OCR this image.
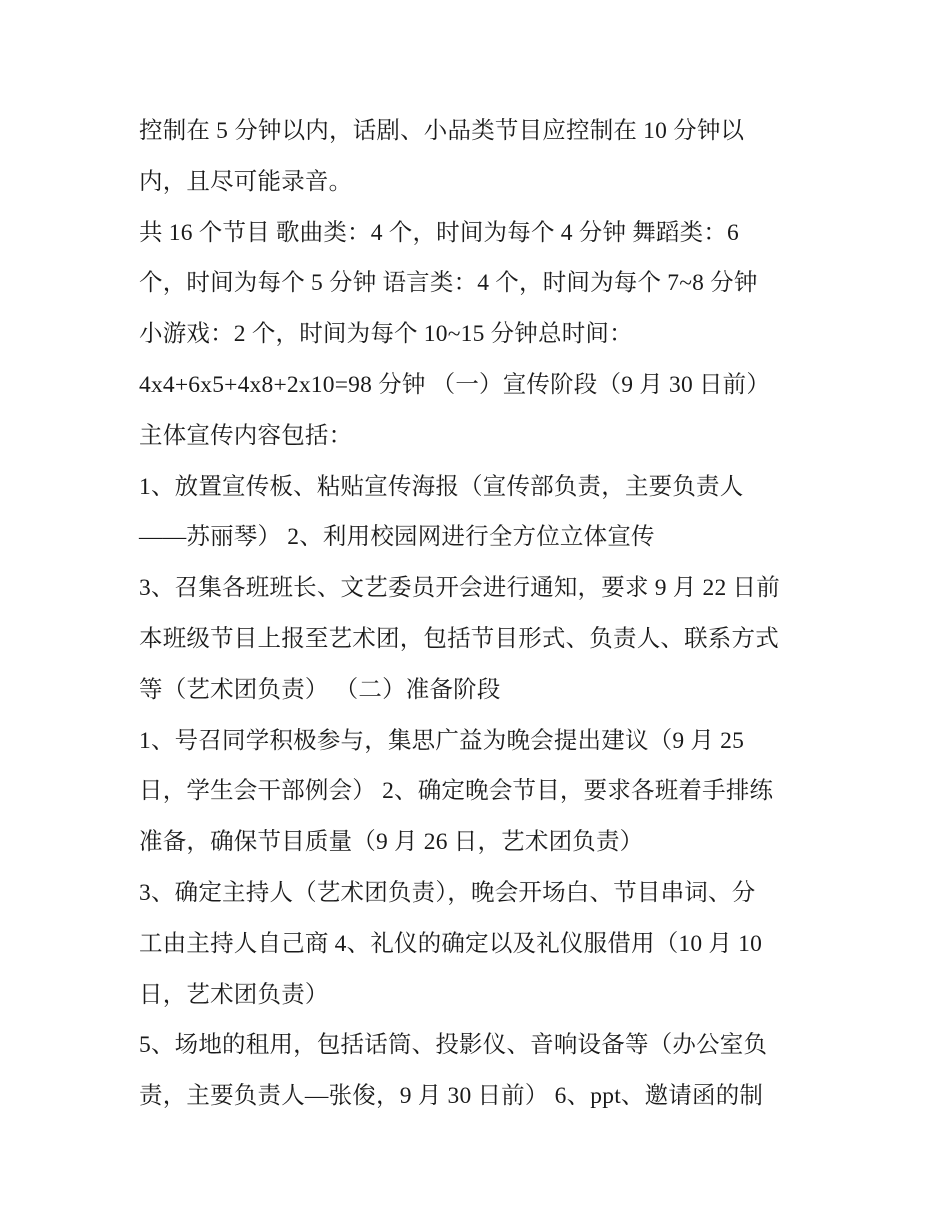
控制在 5 分钟以内，话剧、小品类节目应控制在 10 分钟以
内，且尽可能录音。
共 16 个节目 歌曲类：4 个，时间为每个 4 分钟 舞蹈类：6
个，时间为每个 5 分钟 语言类：4 个，时间为每个 7~8 分钟
小游戏：2 个，时间为每个 10~15 分钟总时间：
4x4+6x5+4x8+2x10=98 分钟 （一）宣传阶段（9 月 30 日前）
主体宣传内容包括：
1、放置宣传板、粘贴宣传海报（宣传部负责，主要负责人
——苏丽琴） 2、利用校园网进行全方位立体宣传
3、召集各班班长、文艺委员开会进行通知，要求 9 月 22 日前
本班级节目上报至艺术团，包括节目形式、负责人、联系方式
等（艺术团负责） （二）准备阶段
1、号召同学积极参与，集思广益为晚会提出建议（9 月 25
日，学生会干部例会） 2、确定晚会节目，要求各班着手排练
准备，确保节目质量（9 月 26 日，艺术团负责）
3、确定主持人（艺术团负责），晚会开场白、节目串词、分
工由主持人自己商 4、礼仪的确定以及礼仪服借用（10 月 10
日，艺术团负责）
5、场地的租用，包括话筒、投影仪、音响设备等（办公室负
责，主要负责人—张俊，9 月 30 日前） 6、ppt、邀请函的制
